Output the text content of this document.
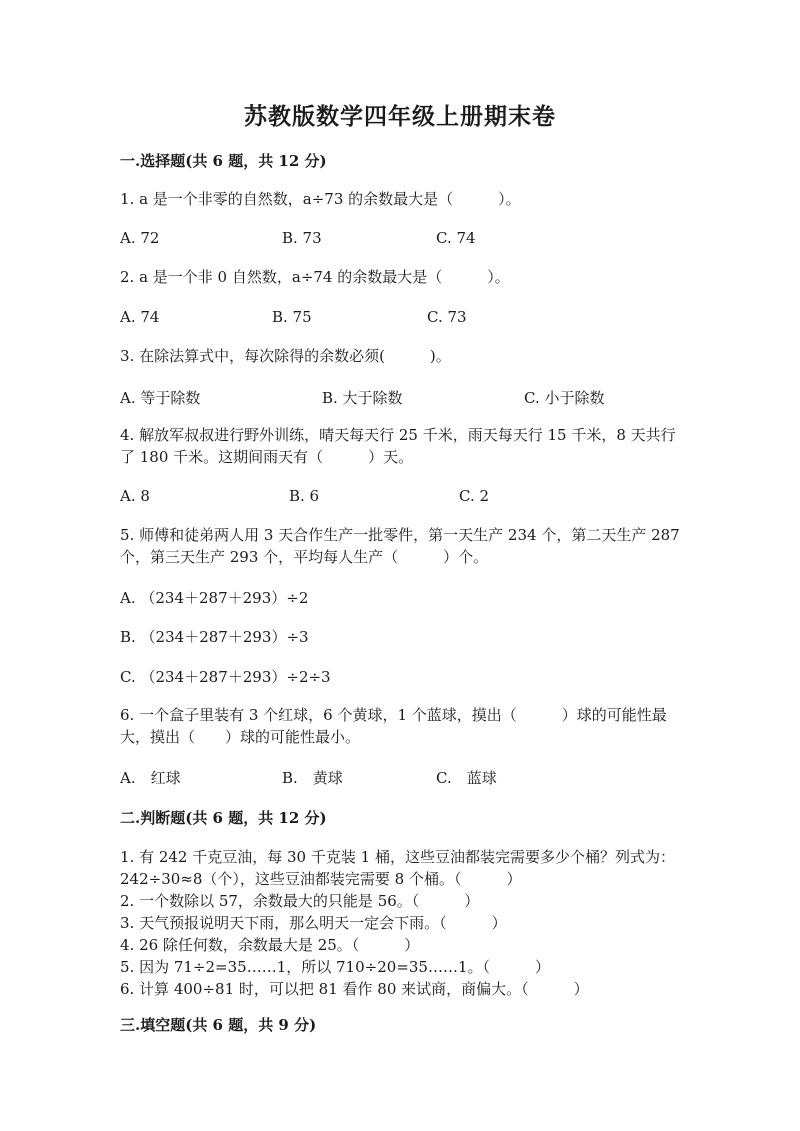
苏教版数学四年级上册期末卷
一.选择题(共 6 题，共 12 分)
1. a 是一个非零的自然数，a÷73 的余数最大是（　　　）。
A. 72	B. 73	C. 74
2. a 是一个非 0 自然数，a÷74 的余数最大是（　　　）。
A. 74	B. 75	C. 73
3. 在除法算式中，每次除得的余数必须(　　　)。
A. 等于除数	B. 大于除数	C. 小于除数
4. 解放军叔叔进行野外训练，晴天每天行 25 千米，雨天每天行 15 千米，8 天共行了 180 千米。这期间雨天有（　　　）天。
A. 8	B. 6	C. 2
5. 师傅和徒弟两人用 3 天合作生产一批零件，第一天生产 234 个，第二天生产 287 个，第三天生产 293 个，平均每人生产（　　　）个。
A. （234＋287＋293）÷2
B. （234＋287＋293）÷3
C. （234＋287＋293）÷2÷3
6. 一个盒子里装有 3 个红球，6 个黄球，1 个蓝球，摸出（　　　）球的可能性最大，摸出（　　）球的可能性最小。
A.　红球	B.　黄球	C.　蓝球
二.判断题(共 6 题，共 12 分)
1. 有 242 千克豆油，每 30 千克装 1 桶，这些豆油都装完需要多少个桶？列式为：242÷30≈8（个），这些豆油都装完需要 8 个桶。（　　　）
2. 一个数除以 57，余数最大的只能是 56。（　　　）
3. 天气预报说明天下雨，那么明天一定会下雨。（　　　）
4. 26 除任何数，余数最大是 25。（　　　）
5. 因为 71÷2=35……1，所以 710÷20=35……1。（　　　）
6. 计算 400÷81 时，可以把 81 看作 80 来试商，商偏大。（　　　）
三.填空题(共 6 题，共 9 分)
